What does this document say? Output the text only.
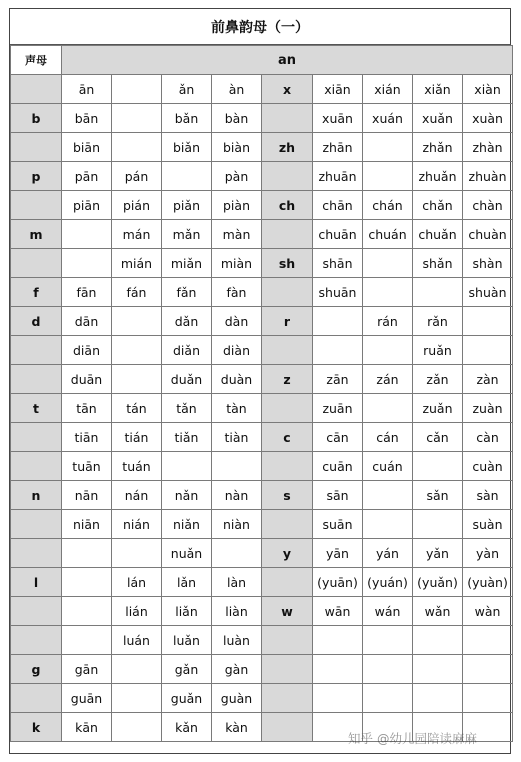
前鼻韵母（一）
声母	an								
	ān		ǎn	àn	x	xiān	xián	xiǎn	xiàn
b	bān		bǎn	bàn		xuān	xuán	xuǎn	xuàn
	biān		biǎn	biàn	zh	zhān		zhǎn	zhàn
p	pān	pán		pàn		zhuān		zhuǎn	zhuàn
	piān	pián	piǎn	piàn	ch	chān	chán	chǎn	chàn
m		mán	mǎn	màn		chuān	chuán	chuǎn	chuàn
		mián	miǎn	miàn	sh	shān		shǎn	shàn
f	fān	fán	fǎn	fàn		shuān			shuàn
d	dān		dǎn	dàn	r		rán	rǎn	
	diān		diǎn	diàn				ruǎn	
	duān		duǎn	duàn	z	zān	zán	zǎn	zàn
t	tān	tán	tǎn	tàn		zuān		zuǎn	zuàn
	tiān	tián	tiǎn	tiàn	c	cān	cán	cǎn	càn
	tuān	tuán				cuān	cuán		cuàn
n	nān	nán	nǎn	nàn	s	sān		sǎn	sàn
	niān	nián	niǎn	niàn		suān			suàn
			nuǎn		y	yān	yán	yǎn	yàn
l		lán	lǎn	làn		(yuān)	(yuán)	(yuǎn)	(yuàn)
		lián	liǎn	liàn	w	wān	wán	wǎn	wàn
		luán	luǎn	luàn					
g	gān		gǎn	gàn					
	guān		guǎn	guàn					
k	kān		kǎn	kàn					
知乎 @幼儿园陪读麻麻
